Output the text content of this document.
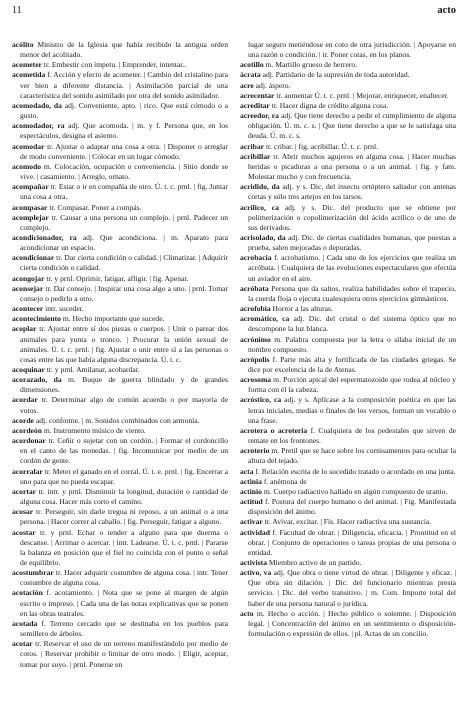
11	acto

acólito Ministro de la Iglesia que había recibido la antigua orden menor del acolitado.

acometer tr. Embestir con ímpetu. | Emprender, intentar..

acometida f. Acción y efecto de acometer. | Cambio del cristalino para ver bien a diferente distancia. | Asimilación parcial de una característica del sonido asimilado por otra del sonido asimilador.

acomodado, da adj. Conveniente, apto. | rico. Que está cómodo o a gusto.

acomodador, ra adj. Que acomoda. | m. y f. Persona que, en los espectáculos, designa el asiento.

acomodar tr. Ajustar o adaptar una cosa a otra. | Disponer o arreglar de modo conveniente. | Colocar en un lugar cómodo.

acomodo m. Colocación, ocupación o conveniencia. | Sitio donde se vive. | casamiento. | Arreglo, ornato.

acompañar tr. Estar o ir en compañía de otro. Ú. t. c. prnl. | fig. Juntar una cosa a otra.

acompasar tr. Compasar. Poner a compás.

acomplejar tr. Causar a una persona un complejo. | prnl. Padecer un complejo.

acondicionador, ra adj. Que acondiciona. | m. Aparato para acondicionar un espacio.

acondicionar tr. Dar cierta condición o calidad. | Climatizar. | Adquirir cierta condición o calidad.

acongojar tr. y prnl. Oprimir, fatigar, afligir. | fig. Apenar.

aconsejar tr. Dar consejo. | Inspirar una cosa algo a uno. | prnl. Tomar consejo o pedirlo a otro.

acontecer intr. suceder.

acontecimiento m. Hecho importante que sucede.

acoplar tr. Ajustar entre sí dos piezas o cuerpos. | Unir o parear dos animales para yunta o tronco. | Procurar la unión sexual de animales. Ú. t. c. prnl. | fig. Ajustar o unir entre sí a las personas o cosas entre las que había alguna discrepancia. Ú. t. c.

acoquinar tr. y prnl. Amilanar, acobardar.

acorazado, da m. Buque de guerra blindado y de grandes dimensiones.

acordar tr. Determinar algo de común acuerdo o por mayoría de votos.

acorde adj. conforme. | m. Sonidos combinados con armonía.

acordeón m. Instrumento músico de viento.

acordonar tr. Ceñir o sujetar con un cordón. | Formar el cordoncillo en el canto de las monedas. | fig. Incomunicar por medio de un cordón de gente.

acorralar tr. Meter el ganado en el corral. Ú. t. e. prnl. | fig. Encerrar a uno para que no pueda escapar.

acortar tr. intr. y prnl. Disminuir la longitud, duración o cantidad de alguna cosa. Hacer más corto el camino.

acosar tr. Perseguir, sin darle tregua ni reposo, a un animal o a una persona. | Hacer correr al caballo. | fig. Perseguir, fatigar a alguno.

acostar tr. y prnl. Echar o tender a alguno para que duerma o descanse. | Arrimar o acercar. | intr. Ladearse. Ú. t. c. prnl. | Pararse la balanza en posición que el fiel no coincida con el punto o señal de equilibrio.

acostumbrar tr. Hacer adquirir costumbre de alguna cosa. | intr. Tener costumbre de alguna cosa.

acotación f. acotamiento. | Nota que se pone al margen de algún escrito o impreso. | Cada una de las notas explicativas que se ponen en las obras teatrales.

acotada f. Terreno cercado que se destinaba en los pueblos para semillero de árboles.

acotar tr. Reservar el uso de un terreno manifestándolo por medio de cotos. | Reservar prohibir o limitar de otro modo. | Eligir, aceptar, tomar por suyo. | prnl. Ponerse en

lugar seguro metiéndose en coto de otra jurisdicción. | Apoyarse en una razón o condición. | tr. Poner cotas, en los planos.

acotillo m. Martillo grueso de herrero.

ácrata adj. Partidario de la supresión de toda autoridad.

acre adj. áspero.

acrecentar tr. aumentar Ú. t. c. prnl. | Mejorar, enriquecer, enaltecer.

acreditar tr. Hacer digna de crédito alguna cosa.

acreedor, ra adj. Que tiene derecho a pedir el cumplimiento de alguna obligación. Ú. m. c. s. | Que tiene derecho a que se le satisfaga una deuda. Ú. m. c. s.

acribar tr. cribar. | fig. acribillar. Ú. t. c. prnl.

acribillar tr. Abrir muchos agujeros en alguna cosa. | Hacer muchas heridas o picaduras a una persona o a un animal. | fig. y fam. Molestar mucho y con frecuencia.

acridido, da adj. y s. Dic. del insecto ortóptero saltador con antenas cortas y sólo tres artejos en los tarsos.

acrílico, ca adj. y s. Dic. del producto que se obtiene por polimerización o copolimerización del ácido acrílico o de uno de sus derivados.

acrisolado, da adj. Dic. de ciertas cualidades humanas, que puestas a prueba, salen mejoradas o depuradas.

acrobacia f. acrobatismo. | Cada uno de los ejercicios que realiza un acróbata. | Cualquiera de las evoluciones espectaculares que efectúa un aviador en el aire.

acróbata Persona que da saltos, realiza habilidades sobre el trapecio, la cuerda floja o ejecuta cualesquiera otros ejercicios gimnásticos.

acrofobia Horror a las alturas.

acromático, ca adj. Dic. del cristal o del sistema óptico que no descompone la luz blanca.

acrónimo m. Palabra compuesta por la letra o sílaba inicial de un nombre compuesto.

acrópolis f. Parte más alta y fortificada de las ciudades griegas. Se dice por excelencia de la de Atenas.

acrosoma m. Porción apical del espermatozoide que rodea al núcleo y forma con él la cabeza.

acróstico, ca adj. y s. Aplícase a la composición poética en que las letras iniciales, medias o finales de los versos, forman un vocablo o una frase.

acrotera o acroteria f. Cualquiera de los pedestales que sirven de remate en los frontones.

acroterio m. Pretil que se hace sobre los cornisamentos para ocultar la altura del tejado.

acta f. Relación escrita de lo sucedido tratado o acordado en una junta.

actinia f. anémona de

actinio m. Cuerpo radiactivo hallado en algún compuesto de uranio.

actitud f. Postura del cuerpo humano o del animal. | Fig. Manifestada disposición del ánimo.

activar tr. Avivar, excitar. | Fís. Hacer radiactiva una sustancia.

actividad f. Facultad de obrar. | Diligencia, eficacia. | Prontitud en el obrar. | Conjunto de operaciones o tareas propias de una persona o entidad.

activista Miembro activo de un partido.

activo, va adj. Que obra o tiene virtud de obrar. | Diligente y eficaz. | Que obra sin dilación. | Dic. del funcionario mientras presta servicio. | Dic. del verbo transitivo. | m. Com. Importe total del haber de una persona natural o jurídica.

acto m. Hecho o acción. | Hecho público o solemne. | Disposición legal. | Concentración del ánimo en un sentimiento o disposición-formulación o expresión de ellos. | pl. Actas de un concilio.
